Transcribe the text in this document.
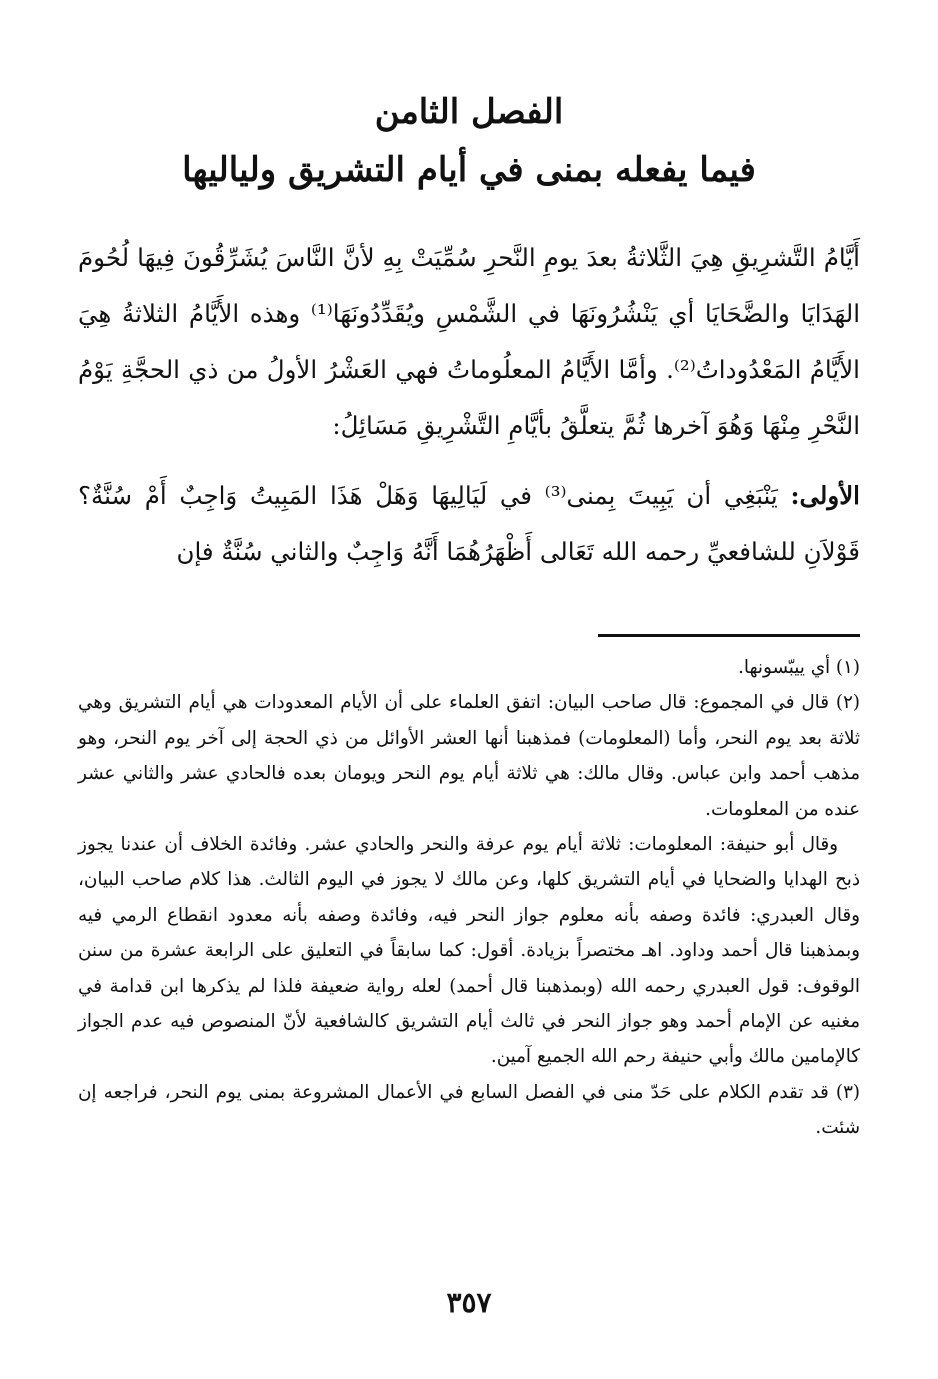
الفصل الثامن
فيما يفعله بمنى في أيام التشريق ولياليها

أَيَّامُ التَّشرِيقِ هِيَ الثَّلاثةُ بعدَ يومِ النَّحرِ سُمِّيَتْ بِهِ لأنَّ النَّاسَ يُشَرِّقُونَ فِيهَا لُحُومَ الهَدَايَا والضَّحَايَا أي يَنْشُرُونَهَا في الشَّمْسِ ويُقَدِّدُونَهَا⁽¹⁾ وهذه الأَيَّامُ الثلاثةُ هِيَ الأَيَّامُ المَعْدُوداتُ⁽²⁾. وأمَّا الأَيَّامُ المعلُوماتُ فهي العَشْرُ الأولُ من ذي الحجَّةِ يَوْمُ النَّحْرِ مِنْهَا وَهُوَ آخرها ثُمَّ يتعلَّقُ بأيَّامِ التَّشْرِيقِ مَسَائِلُ:

الأولى: يَنْبَغِي أن يَبِيتَ بِمنى⁽³⁾ في لَيَالِيهَا وَهَلْ هَذَا المَبِيتُ وَاجِبٌ أَمْ سُنَّةٌ؟ قَوْلاَنِ للشافعيِّ رحمه الله تَعَالى أَظْهَرُهُمَا أَنَّهُ وَاجِبٌ والثاني سُنَّةٌ فإن

(١) أي ييبّسونها.

(٢) قال في المجموع: قال صاحب البيان: اتفق العلماء على أن الأيام المعدودات هي أيام التشريق وهي ثلاثة بعد يوم النحر، وأما (المعلومات) فمذهبنا أنها العشر الأوائل من ذي الحجة إلى آخر يوم النحر، وهو مذهب أحمد وابن عباس. وقال مالك: هي ثلاثة أيام يوم النحر ويومان بعده فالحادي عشر والثاني عشر عنده من المعلومات.

وقال أبو حنيفة: المعلومات: ثلاثة أيام يوم عرفة والنحر والحادي عشر. وفائدة الخلاف أن عندنا يجوز ذبح الهدايا والضحايا في أيام التشريق كلها، وعن مالك لا يجوز في اليوم الثالث. هذا كلام صاحب البيان، وقال العبدري: فائدة وصفه بأنه معلوم جواز النحر فيه، وفائدة وصفه بأنه معدود انقطاع الرمي فيه وبمذهبنا قال أحمد وداود. اهـ مختصراً بزيادة. أقول: كما سابقاً في التعليق على الرابعة عشرة من سنن الوقوف: قول العبدري رحمه الله (وبمذهبنا قال أحمد) لعله رواية ضعيفة فلذا لم يذكرها ابن قدامة في مغنيه عن الإمام أحمد وهو جواز النحر في ثالث أيام التشريق كالشافعية لأنّ المنصوص فيه عدم الجواز كالإمامين مالك وأبي حنيفة رحم الله الجميع آمين.

(٣) قد تقدم الكلام على حَدّ منى في الفصل السابع في الأعمال المشروعة بمنى يوم النحر، فراجعه إن شئت.

٣٥٧
